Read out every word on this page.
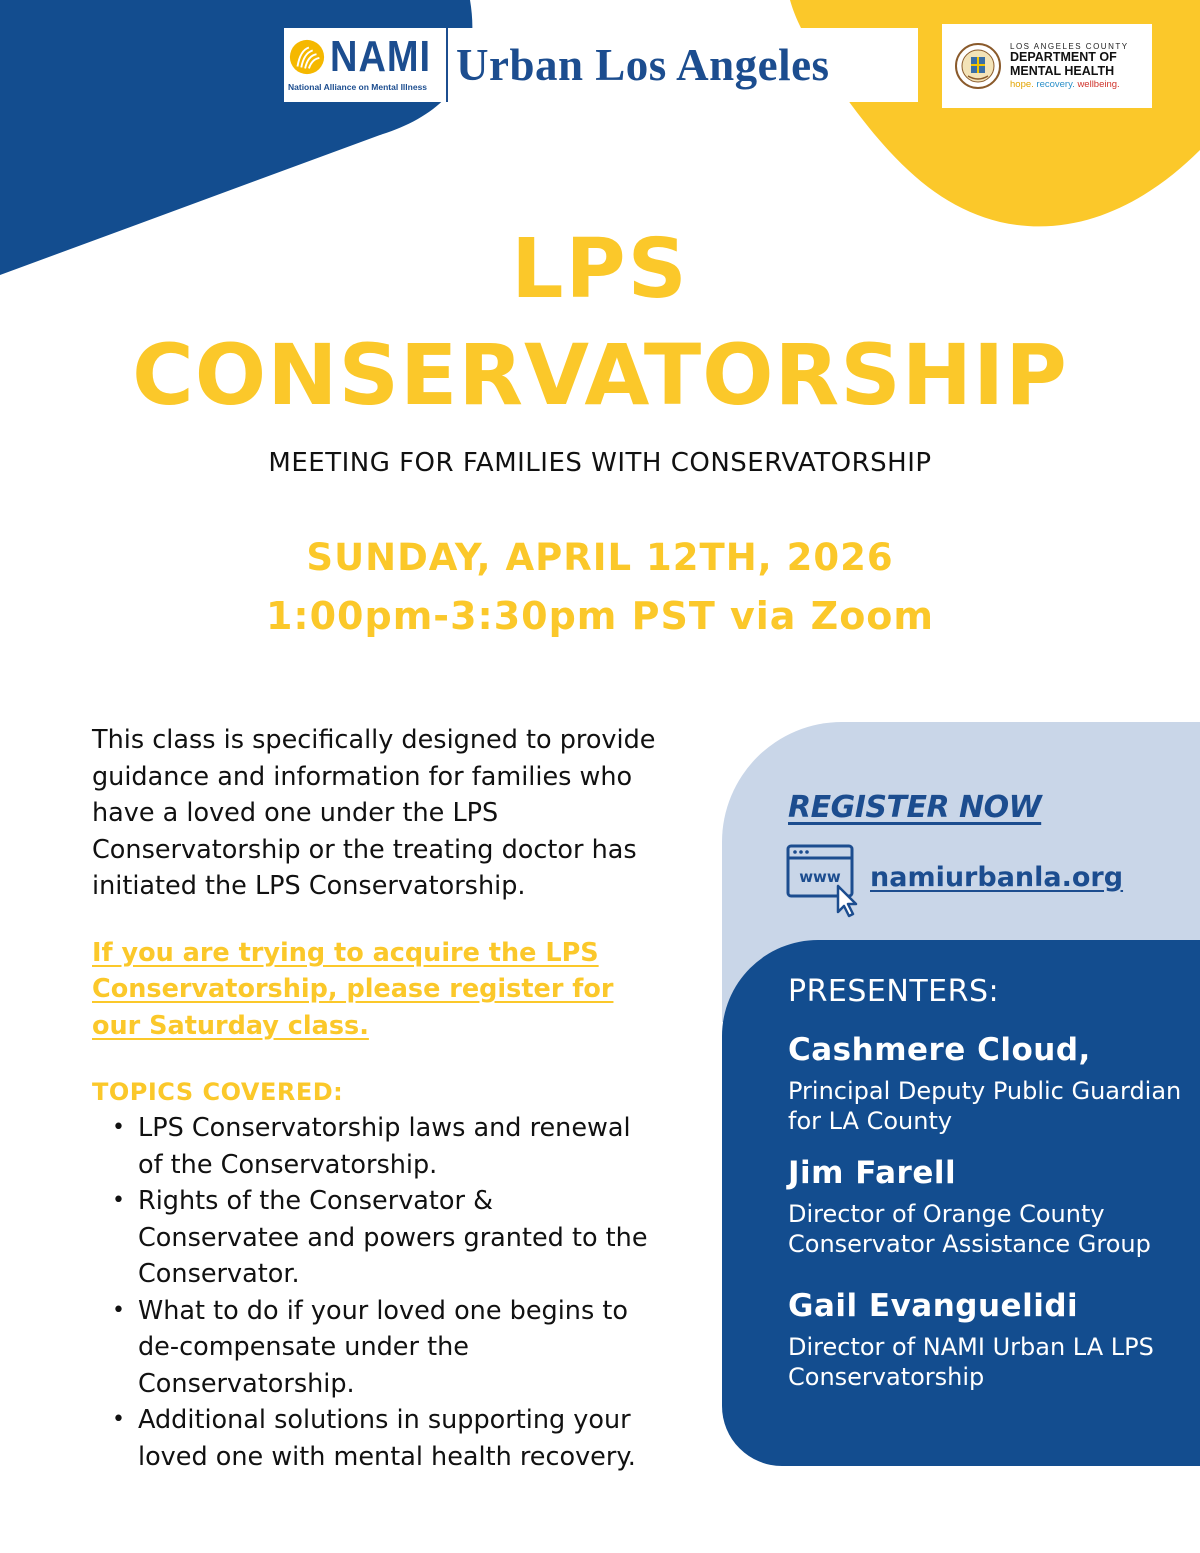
NAMI
National Alliance on Mental Illness Urban Los Angeles	LOS ANGELES COUNTY
DEPARTMENT OF
MENTAL HEALTH
hope. recovery. wellbeing.
LPS
CONSERVATORSHIP
MEETING FOR FAMILIES WITH CONSERVATORSHIP
SUNDAY, APRIL 12TH, 2026
1:00pm-3:30pm PST via Zoom

This class is specifically designed to provide guidance and information for families who have a loved one under the LPS Conservatorship or the treating doctor has initiated the LPS Conservatorship.

If you are trying to acquire the LPS Conservatorship, please register for our Saturday class.
TOPICS COVERED:
• LPS Conservatorship laws and renewal of the Conservatorship.
• Rights of the Conservator & Conservatee and powers granted to the Conservator.
• What to do if your loved one begins to de-compensate under the Conservatorship.
• Additional solutions in supporting your loved one with mental health recovery.
REGISTER NOW
www namiurbanla.org
PRESENTERS:
Cashmere Cloud,
Principal Deputy Public Guardian for LA County
Jim Farell
Director of Orange County Conservator Assistance Group
Gail Evanguelidi
Director of NAMI Urban LA LPS Conservatorship
